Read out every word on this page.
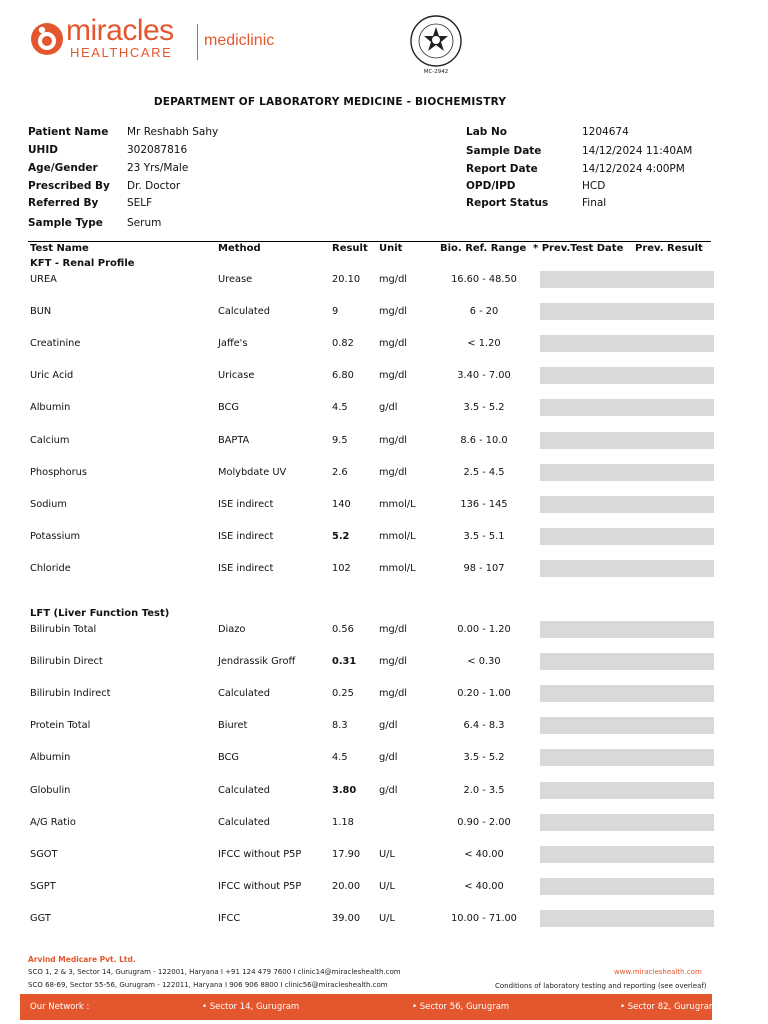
miracles
HEALTHCARE
mediclinic
MC-2942
DEPARTMENT OF LABORATORY MEDICINE - BIOCHEMISTRY
Patient Name Mr Reshabh Sahy
UHID	302087816
Age/Gender	23 Yrs/Male
Prescribed By Dr. Doctor
Referred By	SELF
Sample Type Serum
Lab No	1204674
Sample Date	14/12/2024 11:40AM
Report Date	14/12/2024 4:00PM
OPD/IPD	HCD
Report Status	Final
Test Name	Method	Result Unit	Bio. Ref. Range * Prev.Test Date Prev. Result
KFT - Renal Profile
LFT (Liver Function Test)
UREA	Urease	20.10 mg/dl	16.60 - 48.50
BUN	Calculated	9	mg/dl	6 - 20
Creatinine	Jaffe's	0.82	mg/dl	< 1.20
Uric Acid	Uricase	6.80	mg/dl	3.40 - 7.00
Albumin	BCG	4.5	g/dl	3.5 - 5.2
Calcium	BAPTA	9.5	mg/dl	8.6 - 10.0
Phosphorus	Molybdate UV	2.6	mg/dl	2.5 - 4.5
Sodium	ISE indirect	140	mmol/L	136 - 145
Potassium	ISE indirect	5.2	mmol/L	3.5 - 5.1
Chloride	ISE indirect	102	mmol/L	98 - 107
Bilirubin Total	Diazo	0.56	mg/dl	0.00 - 1.20
Bilirubin Direct	Jendrassik Groff	0.31 mg/dl	< 0.30
Bilirubin Indirect	Calculated	0.25	mg/dl	0.20 - 1.00
Protein Total	Biuret	8.3	g/dl	6.4 - 8.3
Albumin	BCG	4.5	g/dl	3.5 - 5.2
Globulin	Calculated	3.80 g/dl	2.0 - 3.5
A/G Ratio	Calculated	1.18	0.90 - 2.00
SGOT	IFCC without P5P	17.90 U/L	< 40.00
SGPT	IFCC without P5P	20.00 U/L	< 40.00
GGT	IFCC	39.00 U/L	10.00 - 71.00
Arvind Medicare Pvt. Ltd.
SCO 1, 2 & 3, Sector 14, Gurugram - 122001, Haryana I +91 124 479 7600 I clinic14@miracleshealth.com
SCO 68-69, Sector 55-56, Gurugram - 122011, Haryana I 906 906 8800 I clinic56@miracleshealth.com
www.miracleshealth.com
Conditions of laboratory testing and reporting (see overleaf)
Our Network :	• Sector 14, Gurugram	• Sector 56, Gurugram	• Sector 82, Gurugram
